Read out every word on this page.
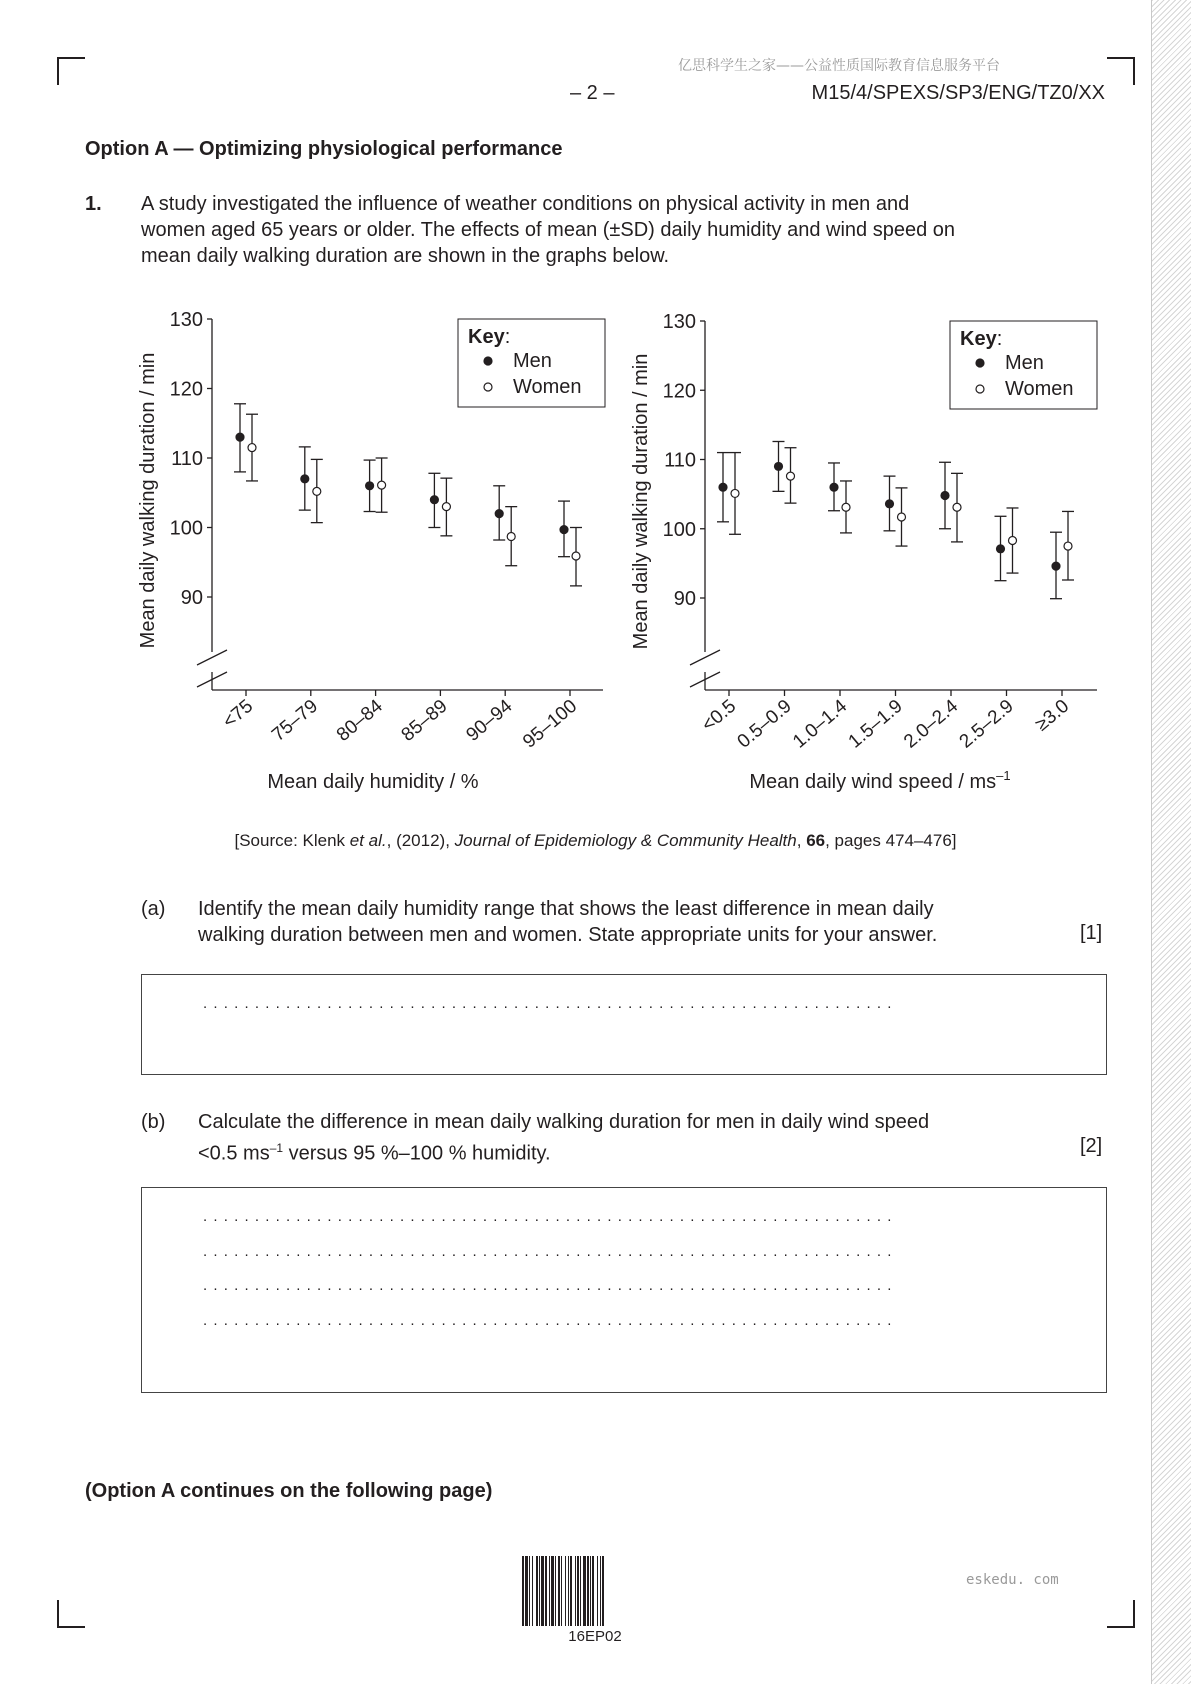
亿思科学生之家——公益性质国际教育信息服务平台
– 2 –	M15/4/SPEXS/SP3/ENG/TZ0/XX
Option A — Optimizing physiological performance
1. A study investigated the influence of weather conditions on physical activity in men and
women aged 65 years or older. The effects of mean (±SD) daily humidity and wind speed on
mean daily walking duration are shown in the graphs below.
90
100
110
120
130
Mean daily walking duration / min
<75 75–79 80–84 85–89 90–94 95–100
Mean daily humidity / %
Key:
Men
Women
90
100
110
120
130
Mean daily walking duration / min
<0.5
0.5–0.9
1.0–1.4
1.5–1.9
2.0–2.4
2.5–2.9 ≥3.0
Mean daily wind speed / $ms^{-1}$
Key:
Men
Women
[Source: Klenk et al., (2012), Journal of Epidemiology & Community Health, 66, pages 474–476]
(a) Identify the mean daily humidity range that shows the least difference in mean daily
walking duration between men and women. State appropriate units for your answer.	[1]
...................................................................
(b) Calculate the difference in mean daily walking duration for men in daily wind speed
<0.5 $ms^{-1}$ versus 95 %–100 % humidity.	[2]
...................................................................
...................................................................
...................................................................
...................................................................
(Option A continues on the following page)
16EP02
eskedu. com
